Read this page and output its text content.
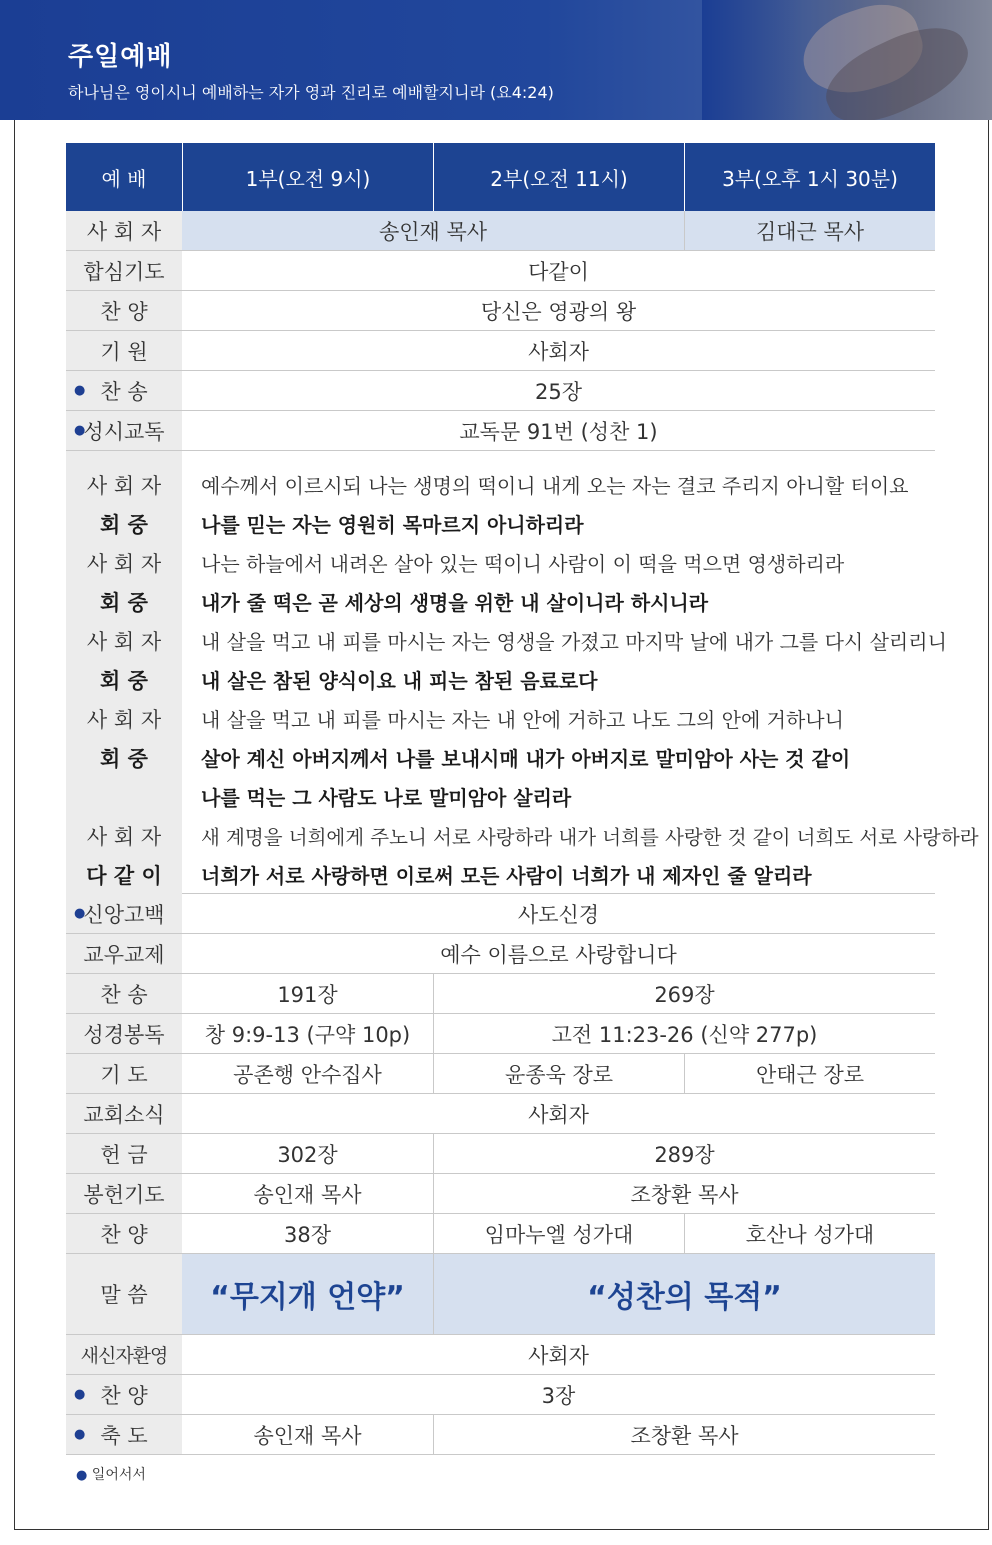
주일예배
하나님은 영이시니 예배하는 자가 영과 진리로 예배할지니라 (요4:24)
예 배	1부(오전 9시)	2부(오전 11시)	3부(오후 1시 30분)
사 회 자	송인재 목사	김대근 목사
합심기도	다같이
찬 양	당신은 영광의 왕
기 원	사회자
● 찬 송	25장
● 성시교독	교독문 91번 (성찬 1)
사 회 자	예수께서 이르시되 나는 생명의 떡이니 내게 오는 자는 결코 주리지 아니할 터이요
회 중	나를 믿는 자는 영원히 목마르지 아니하리라
사 회 자	나는 하늘에서 내려온 살아 있는 떡이니 사람이 이 떡을 먹으면 영생하리라
회 중	내가 줄 떡은 곧 세상의 생명을 위한 내 살이니라 하시니라
사 회 자	내 살을 먹고 내 피를 마시는 자는 영생을 가졌고 마지막 날에 내가 그를 다시 살리리니
회 중	내 살은 참된 양식이요 내 피는 참된 음료로다
사 회 자	내 살을 먹고 내 피를 마시는 자는 내 안에 거하고 나도 그의 안에 거하나니
회 중	살아 계신 아버지께서 나를 보내시매 내가 아버지로 말미암아 사는 것 같이
나를 먹는 그 사람도 나로 말미암아 살리라
사 회 자	새 계명을 너희에게 주노니 서로 사랑하라 내가 너희를 사랑한 것 같이 너희도 서로 사랑하라
다 같 이	너희가 서로 사랑하면 이로써 모든 사람이 너희가 내 제자인 줄 알리라
● 신앙고백	사도신경
교우교제	예수 이름으로 사랑합니다
찬 송	191장	269장
성경봉독	창 9:9-13 (구약 10p)	고전 11:23-26 (신약 277p)
기 도	공존행 안수집사	윤종욱 장로	안태근 장로
교회소식	사회자
헌 금	302장	289장
봉헌기도	송인재 목사	조창환 목사
찬 양	38장	임마누엘 성가대	호산나 성가대
말 씀	“무지개 언약”	“성찬의 목적”
새신자환영	사회자
● 찬 양	3장
● 축 도	송인재 목사	조창환 목사
● 일어서서
